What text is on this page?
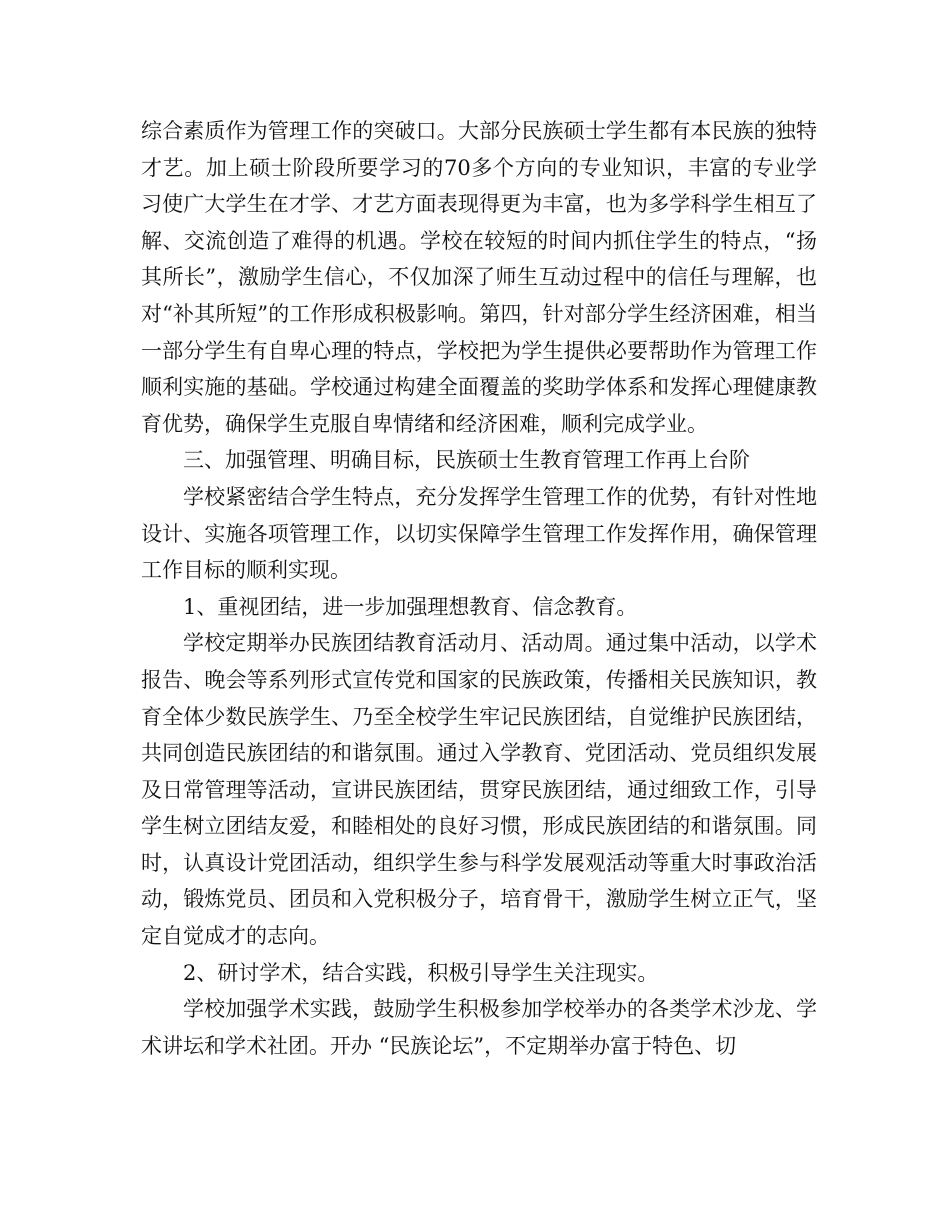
综合素质作为管理工作的突破口。大部分民族硕士学生都有本民族的独特才艺。加上硕士阶段所要学习的70多个方向的专业知识，丰富的专业学习使广大学生在才学、才艺方面表现得更为丰富，也为多学科学生相互了解、交流创造了难得的机遇。学校在较短的时间内抓住学生的特点，“扬其所长”，激励学生信心，不仅加深了师生互动过程中的信任与理解，也对“补其所短”的工作形成积极影响。第四，针对部分学生经济困难，相当一部分学生有自卑心理的特点，学校把为学生提供必要帮助作为管理工作顺利实施的基础。学校通过构建全面覆盖的奖助学体系和发挥心理健康教育优势，确保学生克服自卑情绪和经济困难，顺利完成学业。

三、加强管理、明确目标，民族硕士生教育管理工作再上台阶

学校紧密结合学生特点，充分发挥学生管理工作的优势，有针对性地设计、实施各项管理工作，以切实保障学生管理工作发挥作用，确保管理工作目标的顺利实现。

1、重视团结，进一步加强理想教育、信念教育。

学校定期举办民族团结教育活动月、活动周。通过集中活动，以学术报告、晚会等系列形式宣传党和国家的民族政策，传播相关民族知识，教育全体少数民族学生、乃至全校学生牢记民族团结，自觉维护民族团结，共同创造民族团结的和谐氛围。通过入学教育、党团活动、党员组织发展及日常管理等活动，宣讲民族团结，贯穿民族团结，通过细致工作，引导学生树立团结友爱，和睦相处的良好习惯，形成民族团结的和谐氛围。同时，认真设计党团活动，组织学生参与科学发展观活动等重大时事政治活动，锻炼党员、团员和入党积极分子，培育骨干，激励学生树立正气，坚定自觉成才的志向。

2、研讨学术，结合实践，积极引导学生关注现实。

学校加强学术实践，鼓励学生积极参加学校举办的各类学术沙龙、学术讲坛和学术社团。开办 “民族论坛”，不定期举办富于特色、切
